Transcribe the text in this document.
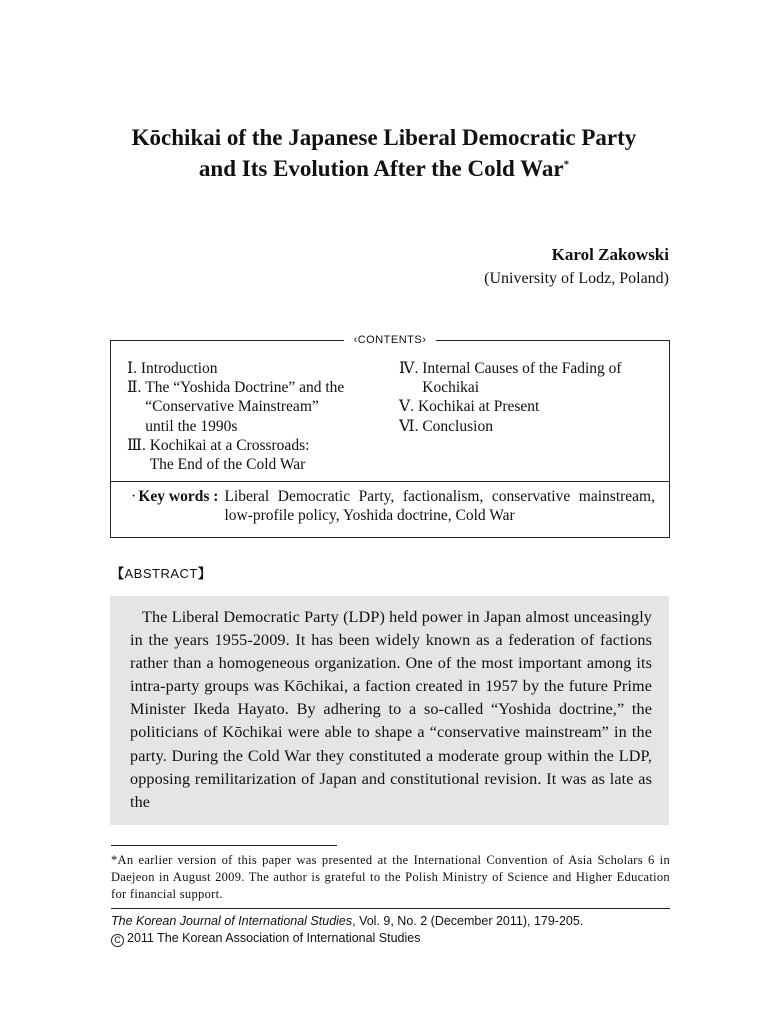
Kōchikai of the Japanese Liberal Democratic Party
and Its Evolution After the Cold War*
Karol Zakowski
(University of Lodz, Poland)
‹CONTENTS›
Ⅰ. Introduction
Ⅱ. The “Yoshida Doctrine” and the
“Conservative Mainstream”
until the 1990s
Ⅲ. Kochikai at a Crossroads:
The End of the Cold War
Ⅳ. Internal Causes of the Fading of
Kochikai
Ⅴ. Kochikai at Present
Ⅵ. Conclusion
· Key words : Liberal Democratic Party, factionalism, conservative mainstream, low-profile policy, Yoshida doctrine, Cold War
【ABSTRACT】
The Liberal Democratic Party (LDP) held power in Japan almost unceasingly in the years 1955-2009. It has been widely known as a federation of factions rather than a homogeneous organization. One of the most important among its intra-party groups was Kōchikai, a faction created in 1957 by the future Prime Minister Ikeda Hayato. By adhering to a so-called “Yoshida doctrine,” the politicians of Kōchikai were able to shape a “conservative mainstream” in the party. During the Cold War they constituted a moderate group within the LDP, opposing remilitarization of Japan and constitutional revision. It was as late as the
*An earlier version of this paper was presented at the International Convention of Asia Scholars 6 in Daejeon in August 2009. The author is grateful to the Polish Ministry of Science and Higher Education for financial support.
The Korean Journal of International Studies, Vol. 9, No. 2 (December 2011), 179-205.
C 2011 The Korean Association of International Studies
